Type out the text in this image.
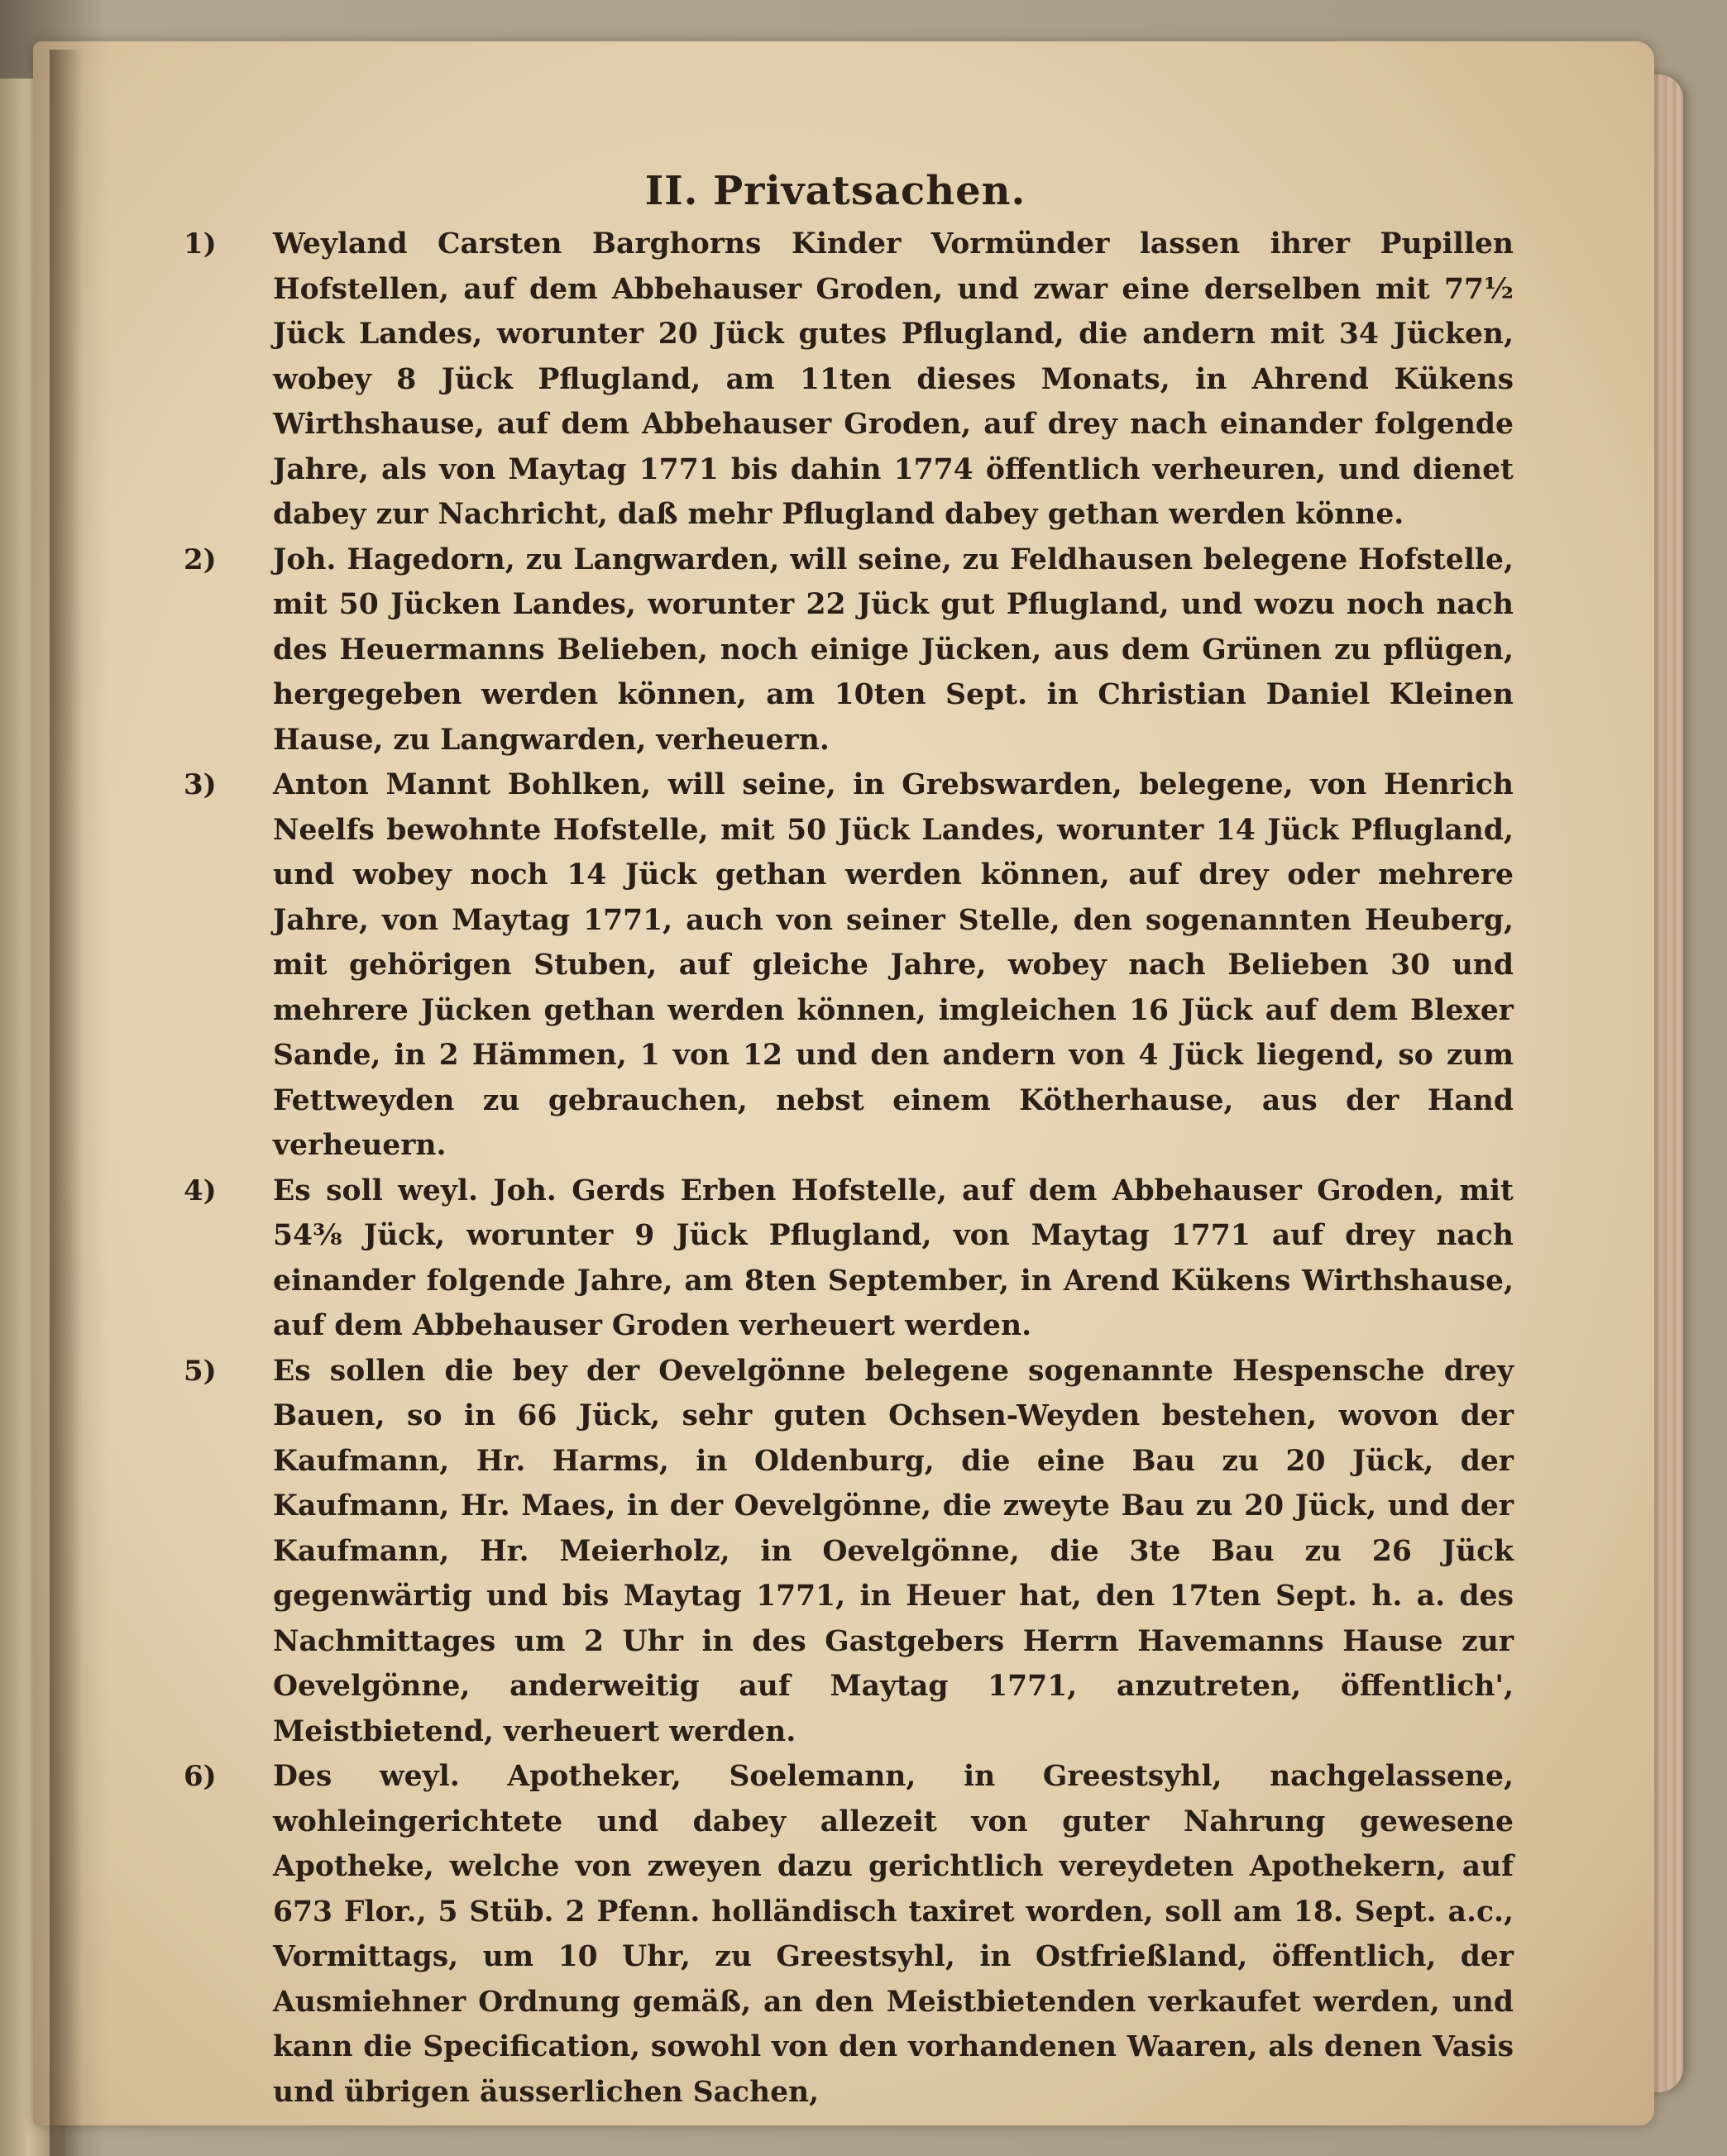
II. Privatsachen.

1) Weyland Carsten Barghorns Kinder Vormünder lassen ihrer Pupillen Hofstellen, auf dem Abbehauser Groden, und zwar eine derselben mit 77½ Jück Landes, worunter 20 Jück gutes Pflugland, die andern mit 34 Jücken, wobey 8 Jück Pflugland, am 11ten dieses Monats, in Ahrend Kükens Wirthshause, auf dem Abbehauser Groden, auf drey nach einander folgende Jahre, als von Maytag 1771 bis dahin 1774 öffentlich verheuren, und dienet dabey zur Nachricht, daß mehr Pflugland dabey gethan werden könne.

2) Joh. Hagedorn, zu Langwarden, will seine, zu Feldhausen belegene Hofstelle, mit 50 Jücken Landes, worunter 22 Jück gut Pflugland, und wozu noch nach des Heuermanns Belieben, noch einige Jücken, aus dem Grünen zu pflügen, hergegeben werden können, am 10ten Sept. in Christian Daniel Kleinen Hause, zu Langwarden, verheuern.

3) Anton Mannt Bohlken, will seine, in Grebswarden, belegene, von Henrich Neelfs bewohnte Hofstelle, mit 50 Jück Landes, worunter 14 Jück Pflugland, und wobey noch 14 Jück gethan werden können, auf drey oder mehrere Jahre, von Maytag 1771, auch von seiner Stelle, den sogenannten Heuberg, mit gehörigen Stuben, auf gleiche Jahre, wobey nach Belieben 30 und mehrere Jücken gethan werden können, imgleichen 16 Jück auf dem Blexer Sande, in 2 Hämmen, 1 von 12 und den andern von 4 Jück liegend, so zum Fettweyden zu gebrauchen, nebst einem Kötherhause, aus der Hand verheuern.

4) Es soll weyl. Joh. Gerds Erben Hofstelle, auf dem Abbehauser Groden, mit 54⅜ Jück, worunter 9 Jück Pflugland, von Maytag 1771 auf drey nach einander folgende Jahre, am 8ten September, in Arend Kükens Wirthshause, auf dem Abbehauser Groden verheuert werden.

5) Es sollen die bey der Oevelgönne belegene sogenannte Hespensche drey Bauen, so in 66 Jück, sehr guten Ochsen-Weyden bestehen, wovon der Kaufmann, Hr. Harms, in Oldenburg, die eine Bau zu 20 Jück, der Kaufmann, Hr. Maes, in der Oevelgönne, die zweyte Bau zu 20 Jück, und der Kaufmann, Hr. Meierholz, in Oevelgönne, die 3te Bau zu 26 Jück gegenwärtig und bis Maytag 1771, in Heuer hat, den 17ten Sept. h. a. des Nachmittages um 2 Uhr in des Gastgebers Herrn Havemanns Hause zur Oevelgönne, anderweitig auf Maytag 1771, anzutreten, öffentlich', Meistbietend, verheuert werden.

6) Des weyl. Apotheker, Soelemann, in Greestsyhl, nachgelassene, wohleingerichtete und dabey allezeit von guter Nahrung gewesene Apotheke, welche von zweyen dazu gerichtlich vereydeten Apothekern, auf 673 Flor., 5 Stüb. 2 Pfenn. holländisch taxiret worden, soll am 18. Sept. a.c., Vormittags, um 10 Uhr, zu Greestsyhl, in Ostfrießland, öffentlich, der Ausmiehner Ordnung gemäß, an den Meistbietenden verkaufet werden, und kann die Specification, sowohl von den vorhandenen Waaren, als denen Vasis und übrigen äusserlichen Sachen,
